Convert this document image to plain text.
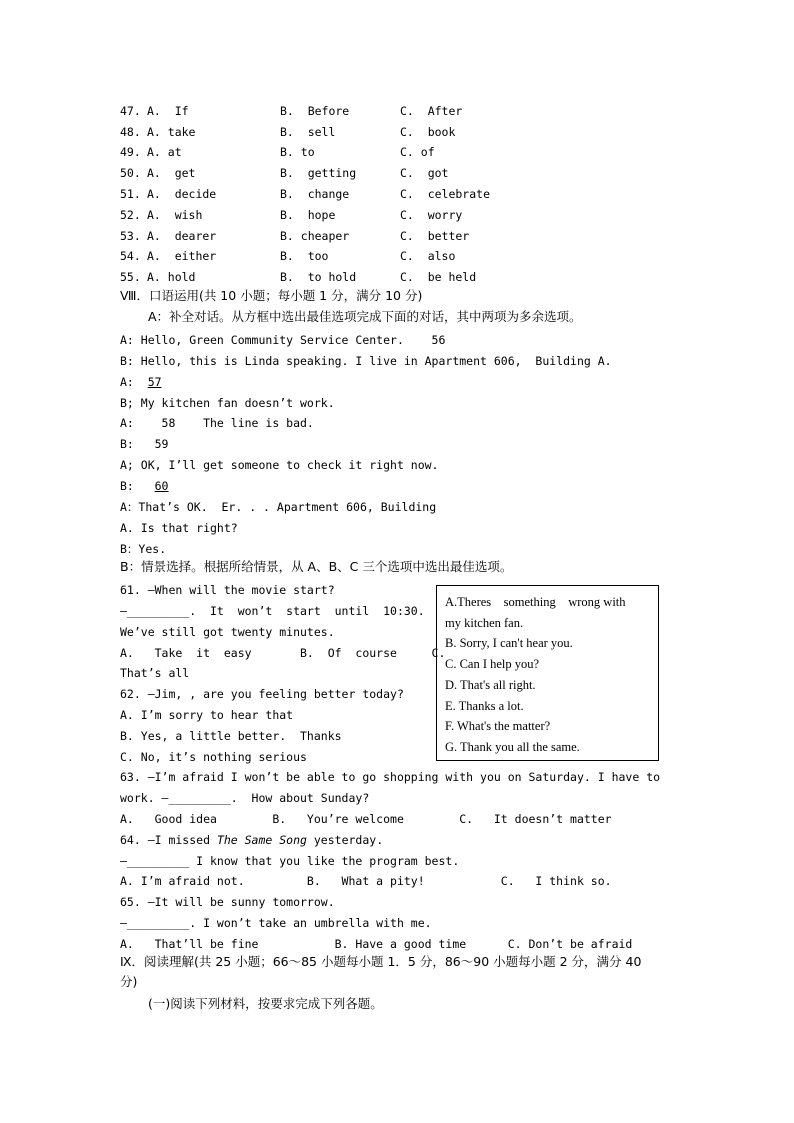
47. A.  If	B.  Before	C.  After
48. A. take	B.  sell	C.  book
49. A. at	B. to	C. of
50. A.  get	B.  getting	C.  got
51. A.  decide	B.  change	C.  celebrate
52. A.  wish	B.  hope	C.  worry
53. A.  dearer	B. cheaper	C.  better
54. A.  either	B.  too	C.  also
55. A. hold	B.  to hold	C.  be held
Ⅷ．口语运用(共 10 小题；每小题 1 分，满分 10 分)
A：补全对话。从方框中选出最佳选项完成下面的对话，其中两项为多余选项。
A: Hello, Green Community Service Center.    56
B: Hello, this is Linda speaking. I live in Apartment 606,  Building A.
A:  57
B; My kitchen fan doesn’t work.
A:    58    The line is bad.
B:   59
A; OK, I’ll get someone to check it right now.
B:   60
A：That’s OK.  Er. . . Apartment 606, Building
A. Is that right?
B：Yes.
B：情景选择。根据所给情景，从 A、B、C 三个选项中选出最佳选项。
A.Theres    something    wrong with
my kitchen fan.
B. Sorry, I can't hear you.
C. Can I help you?
D. That's all right.
E. Thanks a lot.
F. What's the matter?
G. Thank you all the same.
61. —When will the movie start?
—_________.  It  won’t  start  until  10:30.
We’ve still got twenty minutes.
A.   Take  it  easy       B.  Of  course     C.
That’s all
62. —Jim, , are you feeling better today?
A. I’m sorry to hear that
B. Yes, a little better.  Thanks
C. No, it’s nothing serious
63. —I’m afraid I won’t be able to go shopping with you on Saturday. I have to
work. —_________.  How about Sunday?
A.   Good idea        B.   You’re welcome        C.   It doesn’t matter
64. —I missed The Same Song yesterday.
—_________ I know that you like the program best.
A. I’m afraid not.         B.   What a pity!           C.   I think so.
65. —It will be sunny tomorrow.
—_________. I won’t take an umbrella with me.
A.   That’ll be fine           B. Have a good time      C. Don’t be afraid
Ⅸ．阅读理解(共 25 小题；66～85 小题每小题 1．5 分，86～90 小题每小题 2 分，满分 40
分)
(一)阅读下列材料，按要求完成下列各题。
